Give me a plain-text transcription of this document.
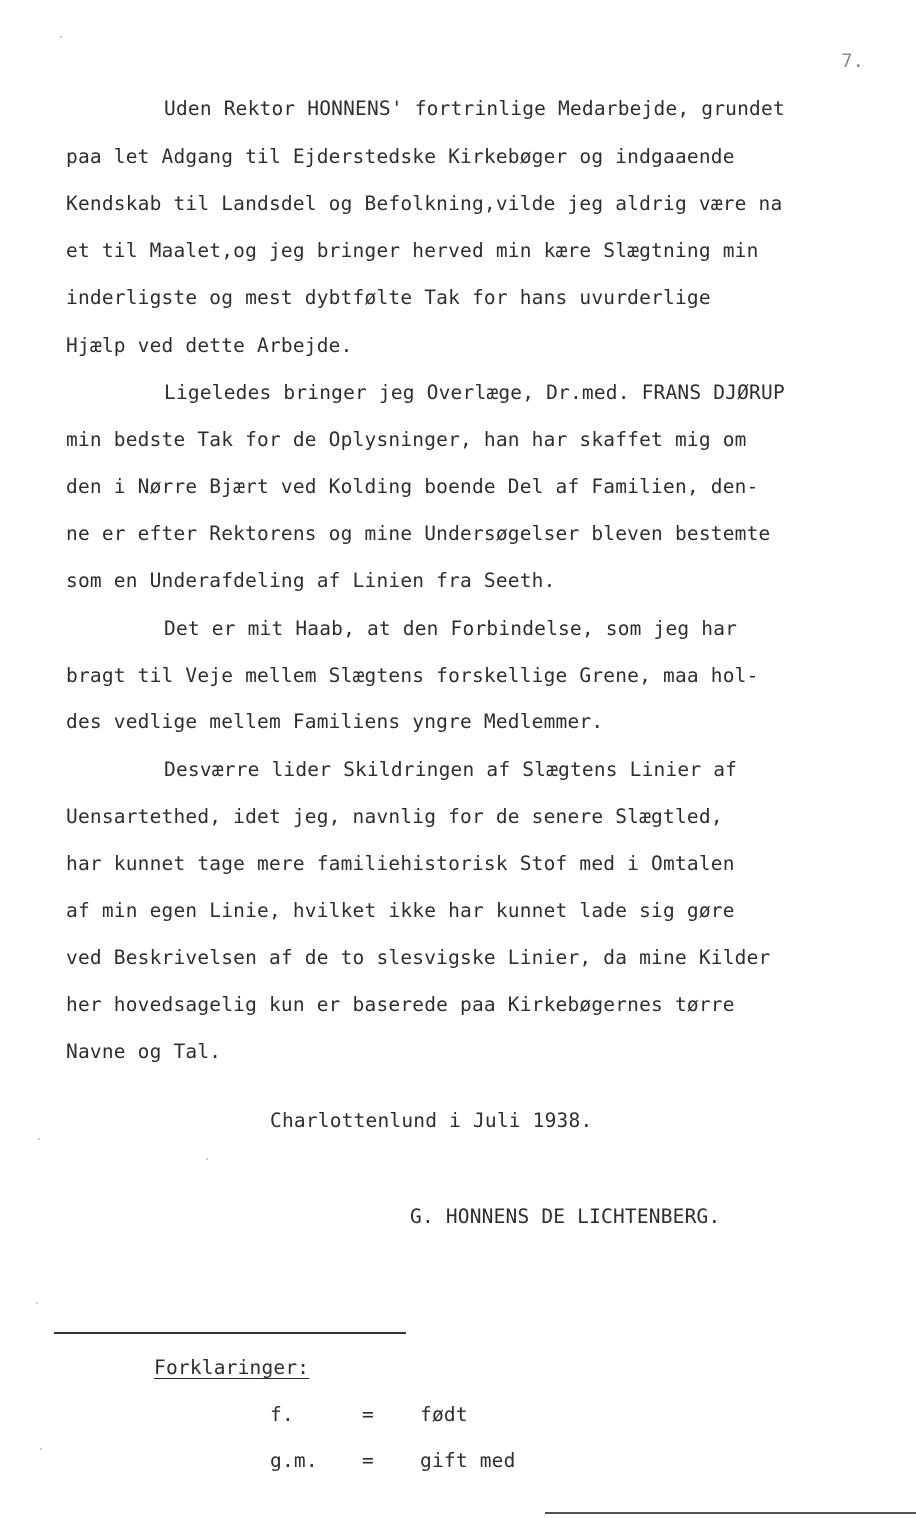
7.
Uden Rektor HONNENS' fortrinlige Medarbejde, grundet
paa let Adgang til Ejderstedske Kirkebøger og indgaaende
Kendskab til Landsdel og Befolkning,vilde jeg aldrig være na
et til Maalet,og jeg bringer herved min kære Slægtning min
inderligste og mest dybtfølte Tak for hans uvurderlige
Hjælp ved dette Arbejde.
Ligeledes bringer jeg Overlæge, Dr.med. FRANS DJØRUP
min bedste Tak for de Oplysninger, han har skaffet mig om
den i Nørre Bjært ved Kolding boende Del af Familien, den-
ne er efter Rektorens og mine Undersøgelser bleven bestemte
som en Underafdeling af Linien fra Seeth.
Det er mit Haab, at den Forbindelse, som jeg har
bragt til Veje mellem Slægtens forskellige Grene, maa hol-
des vedlige mellem Familiens yngre Medlemmer.
Desværre lider Skildringen af Slægtens Linier af
Uensartethed, idet jeg, navnlig for de senere Slægtled,
har kunnet tage mere familiehistorisk Stof med i Omtalen
af min egen Linie, hvilket ikke har kunnet lade sig gøre
ved Beskrivelsen af de to slesvigske Linier, da mine Kilder
her hovedsagelig kun er baserede paa Kirkebøgernes tørre
Navne og Tal.
Charlottenlund i Juli 1938.
G. HONNENS DE LICHTENBERG.
Forklaringer:
f.	= født
g.m. = gift med
